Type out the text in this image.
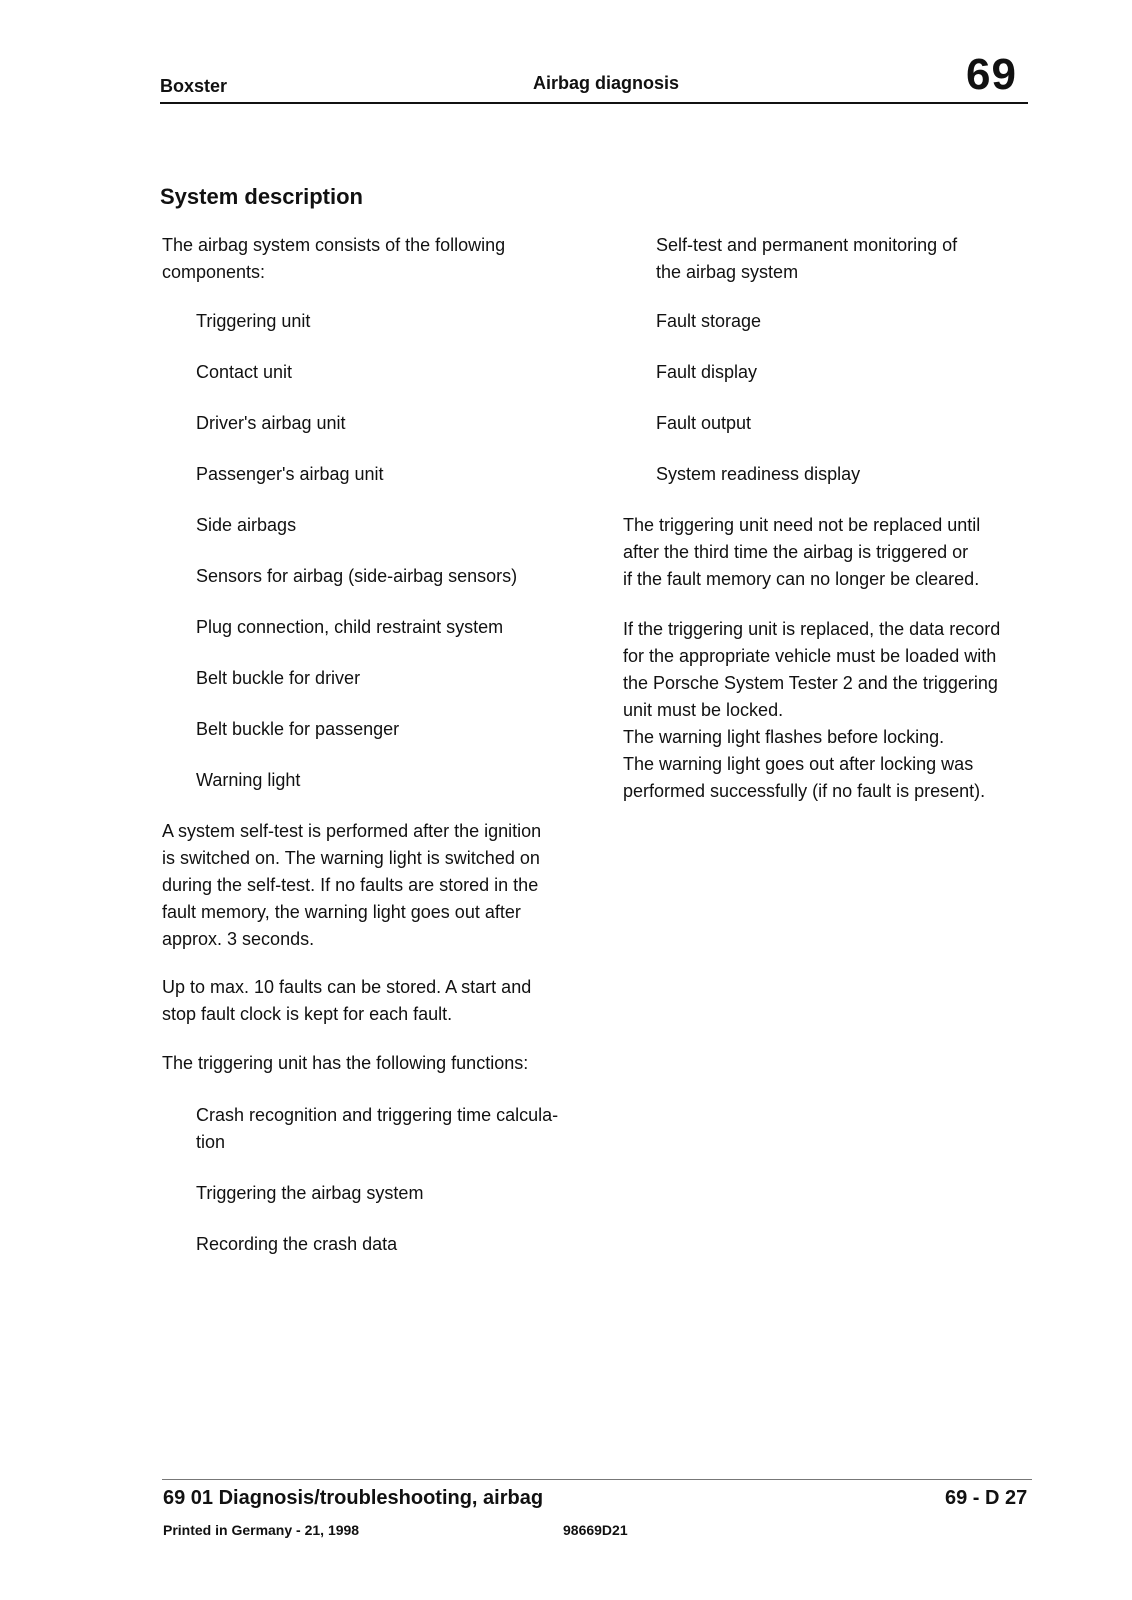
Boxster	Airbag diagnosis	69
System description
The airbag system consists of the following
components:
Triggering unit
Contact unit
Driver's airbag unit
Passenger's airbag unit
Side airbags
Sensors for airbag (side-airbag sensors)
Plug connection, child restraint system
Belt buckle for driver
Belt buckle for passenger
Warning light
A system self-test is performed after the ignition
is switched on. The warning light is switched on
during the self-test. If no faults are stored in the
fault memory, the warning light goes out after
approx. 3 seconds.
Up to max. 10 faults can be stored. A start and
stop fault clock is kept for each fault.
The triggering unit has the following functions:
Crash recognition and triggering time calcula-
tion
Triggering the airbag system
Recording the crash data
Self-test and permanent monitoring of
the airbag system
Fault storage
Fault display
Fault output
System readiness display
The triggering unit need not be replaced until
after the third time the airbag is triggered or
if the fault memory can no longer be cleared.
If the triggering unit is replaced, the data record
for the appropriate vehicle must be loaded with
the Porsche System Tester 2 and the triggering
unit must be locked.
The warning light flashes before locking.
The warning light goes out after locking was
performed successfully (if no fault is present).
69 01 Diagnosis/troubleshooting, airbag	69 - D 27
Printed in Germany - 21, 1998	98669D21
